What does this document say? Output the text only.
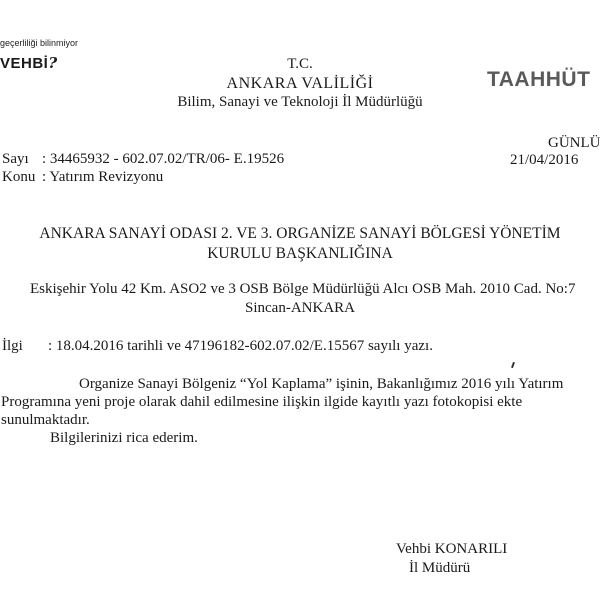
geçerliliği bilinmiyor
VEHBİ?	T.C.
ANKARA VALİLİĞİ
Bilim, Sanayi ve Teknoloji İl Müdürlüğü
TAAHHÜT
GÜNLÜ
21/04/2016
Sayı : 34465932 - 602.07.02/TR/06- E.19526
Konu : Yatırım Revizyonu
ANKARA SANAYİ ODASI 2. VE 3. ORGANİZE SANAYİ BÖLGESİ YÖNETİM
KURULU BAŞKANLIĞINA
Eskişehir Yolu 42 Km. ASO2 ve 3 OSB Bölge Müdürlüğü Alcı OSB Mah. 2010 Cad. No:7
Sincan-ANKARA
İlgi : 18.04.2016 tarihli ve 47196182-602.07.02/E.15567 sayılı yazı.
Organize Sanayi Bölgeniz “Yol Kaplama” işinin, Bakanlığımız 2016 yılı Yatırım
Programına yeni proje olarak dahil edilmesine ilişkin ilgide kayıtlı yazı fotokopisi ekte
sunulmaktadır.
Bilgilerinizi rica ederim.
Vehbi KONARILI
İl Müdürü
